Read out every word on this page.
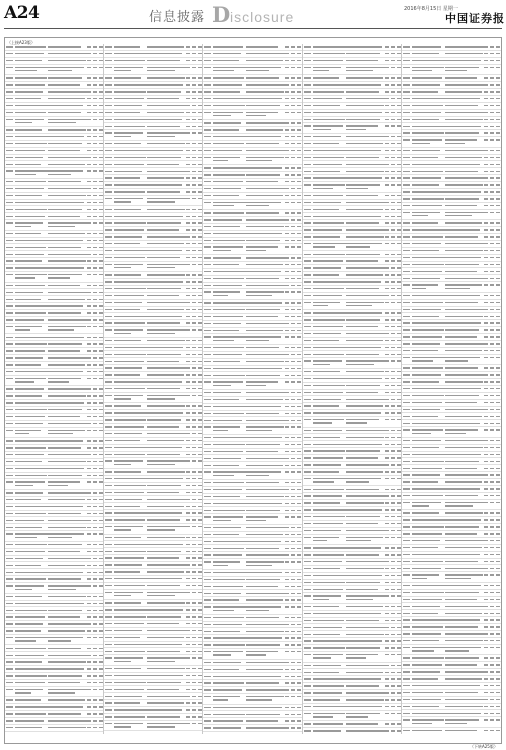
A24	信息披露 D isclosure	2016年8月15日 星期一
中国证券报
（上接A23版）
（下转A25版）
